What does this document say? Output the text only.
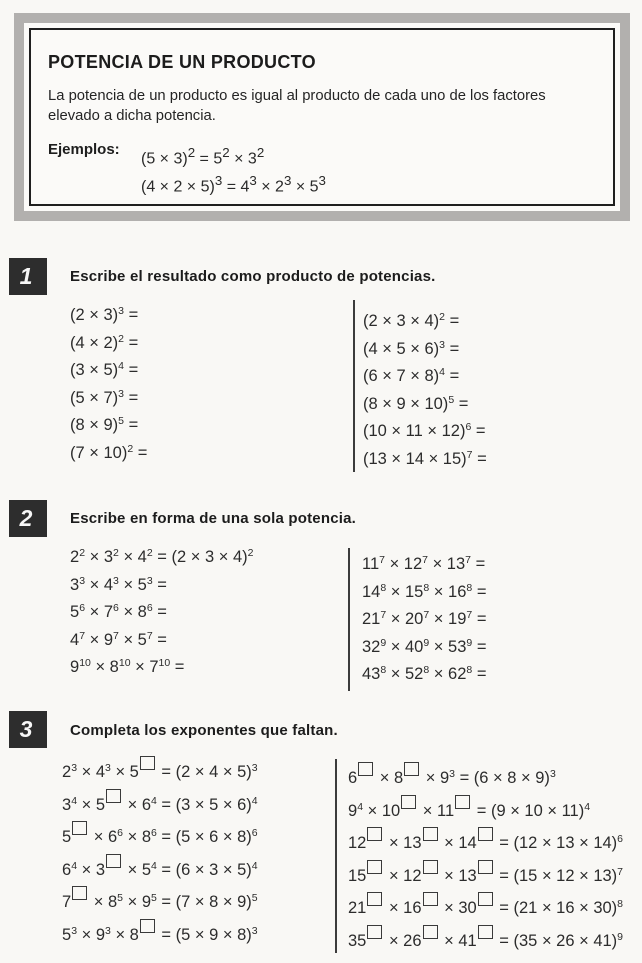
POTENCIA DE UN PRODUCTO
La potencia de un producto es igual al producto de cada uno de los factores elevado a dicha potencia.
Ejemplos:
$(5 \times 3)^2 = 5^2 \times 3^2$
$(4 \times 2 \times 5)^3 = 4^3 \times 2^3 \times 5^3$
1	Escribe el resultado como producto de potencias.
$(2 \times 3)^3$ =
$(4 \times 2)^2$ =
$(3 \times 5)^4$ =
$(5 \times 7)^3$ =
$(8 \times 9)^5$ =
$(7 \times 10)^2$ =
$(2 \times 3 \times 4)^2$ =
$(4 \times 5 \times 6)^3$ =
$(6 \times 7 \times 8)^4$ =
$(8 \times 9 \times 10)^5$ =
$(10 \times 11 \times 12)^6$ =
$(13 \times 14 \times 15)^7$ =
2	Escribe en forma de una sola potencia.
$2^2 \times 3^2 \times 4^2 = (2 \times 3 \times 4)^2$
$3^3 \times 4^3 \times 5^3$ =
$5^6 \times 7^6 \times 8^6$ =
$4^7 \times 9^7 \times 5^7$ =
$9^{10} \times 8^{10} \times 7^{10}$ =
$11^7 \times 12^7 \times 13^7$ =
$14^8 \times 15^8 \times 16^8$ =
$21^7 \times 20^7 \times 19^7$ =
$32^9 \times 40^9 \times 53^9$ =
$43^8 \times 52^8 \times 62^8$ =
3	Completa los exponentes que faltan.
$2^3 \times 4^3 \times 5 = (2 \times 4 \times 5)^3$
$3^4 \times 5 \times 6^4 = (3 \times 5 \times 6)^4$
$5 \times 6^6 \times 8^6 = (5 \times 6 \times 8)^6$
$6^4 \times 3 \times 5^4 = (6 \times 3 \times 5)^4$
$7 \times 8^5 \times 9^5 = (7 \times 8 \times 9)^5$
$5^3 \times 9^3 \times 8 = (5 \times 9 \times 8)^3$
$6 \times 8 \times 9^3 = (6 \times 8 \times 9)^3$
$9^4 \times 10 \times 11 = (9 \times 10 \times 11)^4$
$12 \times 13 \times 14 = (12 \times 13 \times 14)^6$
$15 \times 12 \times 13 = (15 \times 12 \times 13)^7$
$21 \times 16 \times 30 = (21 \times 16 \times 30)^8$
$35 \times 26 \times 41 = (35 \times 26 \times 41)^9$
